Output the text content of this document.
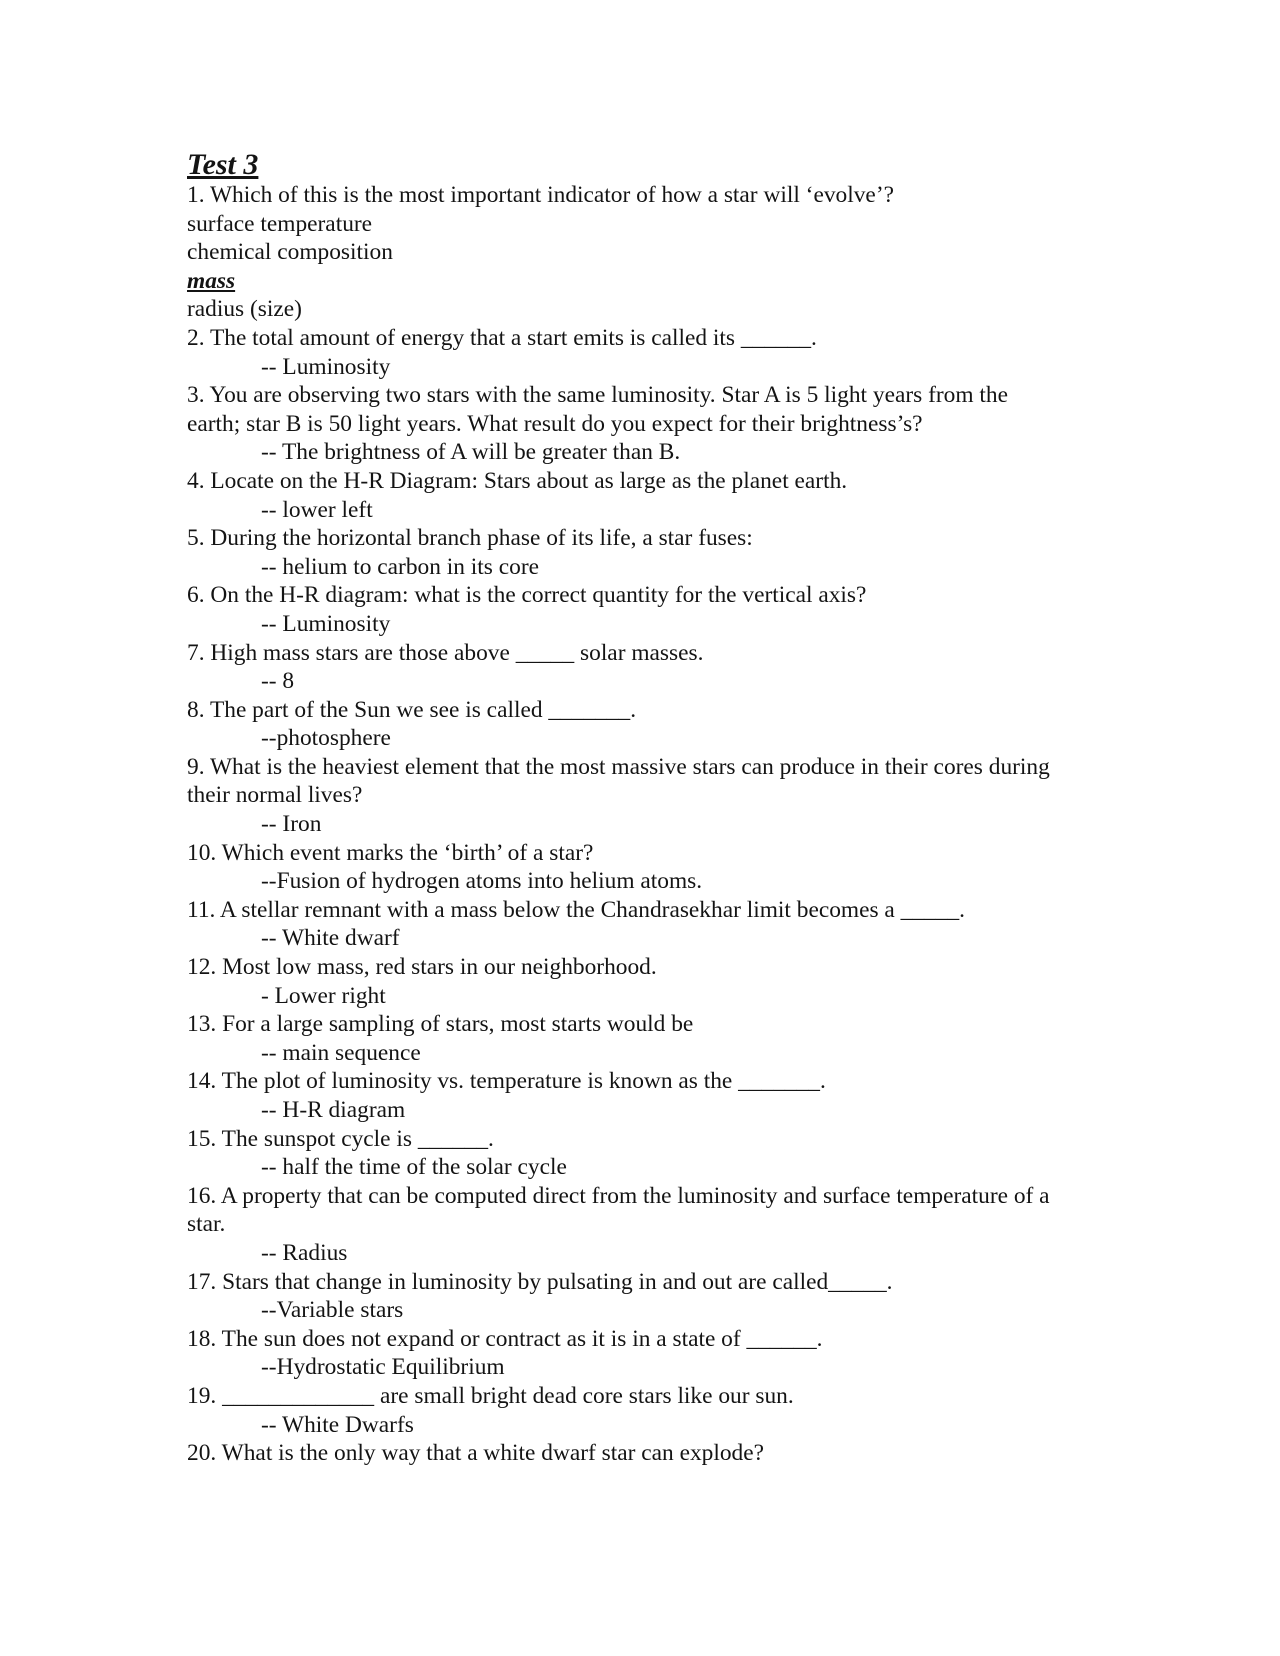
Test 3
1. Which of this is the most important indicator of how a star will ‘evolve’?
surface temperature
chemical composition
mass
radius (size)
2. The total amount of energy that a start emits is called its ______.
-- Luminosity
3. You are observing two stars with the same luminosity. Star A is 5 light years from the earth; star B is 50 light years. What result do you expect for their brightness’s?
-- The brightness of A will be greater than B.
4. Locate on the H-R Diagram: Stars about as large as the planet earth.
-- lower left
5. During the horizontal branch phase of its life, a star fuses:
-- helium to carbon in its core
6. On the H-R diagram: what is the correct quantity for the vertical axis?
-- Luminosity
7. High mass stars are those above _____ solar masses.
-- 8
8. The part of the Sun we see is called _______.
--photosphere
9. What is the heaviest element that the most massive stars can produce in their cores during their normal lives?
-- Iron
10. Which event marks the ‘birth’ of a star?
--Fusion of hydrogen atoms into helium atoms.
11. A stellar remnant with a mass below the Chandrasekhar limit becomes a _____.
-- White dwarf
12. Most low mass, red stars in our neighborhood.
- Lower right
13. For a large sampling of stars, most starts would be
-- main sequence
14. The plot of luminosity vs. temperature is known as the _______.
-- H-R diagram
15. The sunspot cycle is ______.
-- half the time of the solar cycle
16. A property that can be computed direct from the luminosity and surface temperature of a star.
-- Radius
17. Stars that change in luminosity by pulsating in and out are called_____.
--Variable stars
18. The sun does not expand or contract as it is in a state of ______.
--Hydrostatic Equilibrium
19. _____________ are small bright dead core stars like our sun.
-- White Dwarfs
20. What is the only way that a white dwarf star can explode?
